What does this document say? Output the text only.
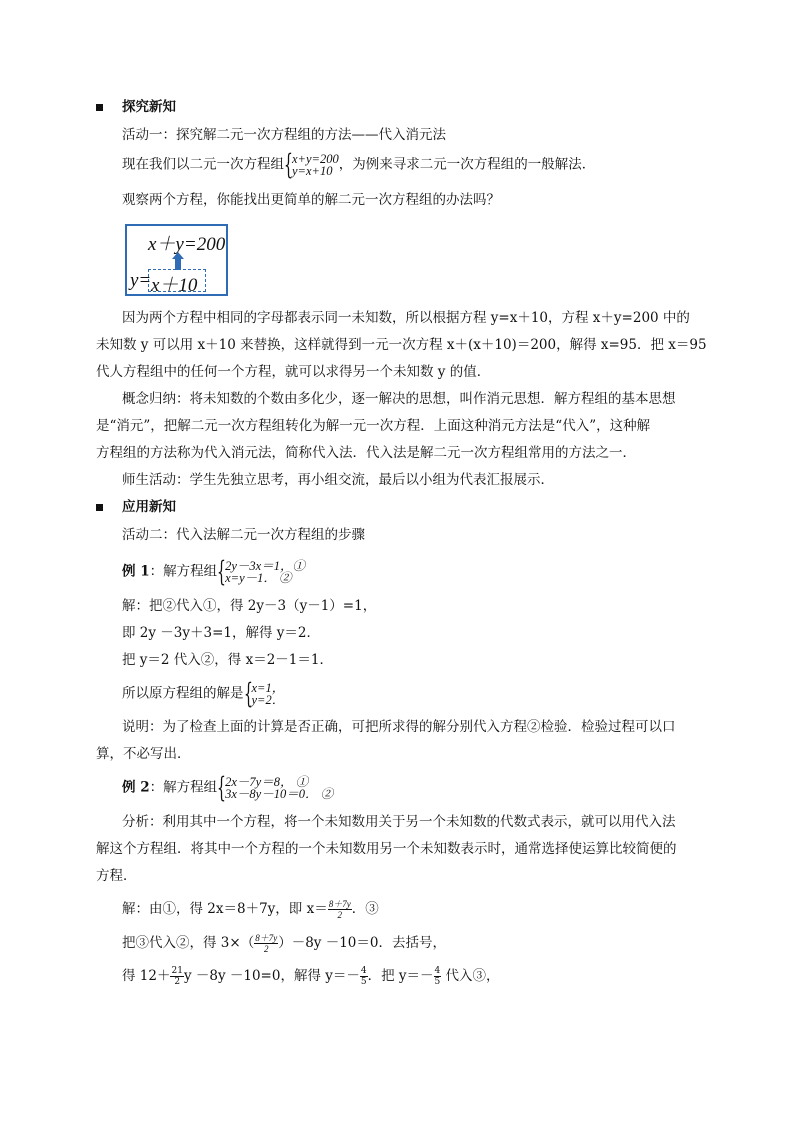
探究新知
活动一：探究解二元一次方程组的方法——代入消元法
现在我们以二元一次方程组 { x+y=200
y=x+10 ，为例来寻求二元一次方程组的一般解法．
观察两个方程，你能找出更简单的解二元一次方程组的办法吗？
x＋y=200
y= x＋10
因为两个方程中相同的字母都表示同一未知数，所以根据方程 y=x＋10，方程 x＋y=200 中的
未知数 y 可以用 x＋10 来替换，这样就得到一元一次方程 x＋(x＋10)＝200，解得 x=95．把 x＝95
代人方程组中的任何一个方程，就可以求得另一个未知数 y 的值．
概念归纳：将未知数的个数由多化少，逐一解决的思想，叫作消元思想．解方程组的基本思想
是“消元”，把解二元一次方程组转化为解一元一次方程．上面这种消元方法是“代入”，这种解
方程组的方法称为代入消元法，简称代入法．代入法是解二元一次方程组常用的方法之一．
师生活动：学生先独立思考，再小组交流，最后以小组为代表汇报展示．
应用新知
活动二：代入法解二元一次方程组的步骤
例 1：解方程组 { 2y－3x＝1，①
x=y－1． ②
解：把②代入①，得 2y－3（y－1）=1，
即 2y －3y＋3=1，解得 y＝2．
把 y＝2 代入②，得 x＝2－1＝1．
所以原方程组的解是 { x=1，
y=2．
说明：为了检查上面的计算是否正确，可把所求得的解分别代入方程②检验．检验过程可以口
算，不必写出．
例 2：解方程组 { 2x－7y＝8， ①
3x－8y－10＝0． ②
分析：利用其中一个方程，将一个未知数用关于另一个未知数的代数式表示，就可以用代入法
解这个方程组．将其中一个方程的一个未知数用另一个未知数表示时，通常选择使运算比较简便的
方程．
解：由①，得 2x＝8＋7y，即 $x= \frac{8+7y}{2}$ ．③
把③代入②，得 $3\times( \frac{8+7y}{2} )-8y -10=0$．去括号，
得 $12+ \frac{21}{2}$ y －8y －10=0，解得 $y=- \frac{4}{5}$ ．把 $y=- \frac{4}{5}$ 代入③，
